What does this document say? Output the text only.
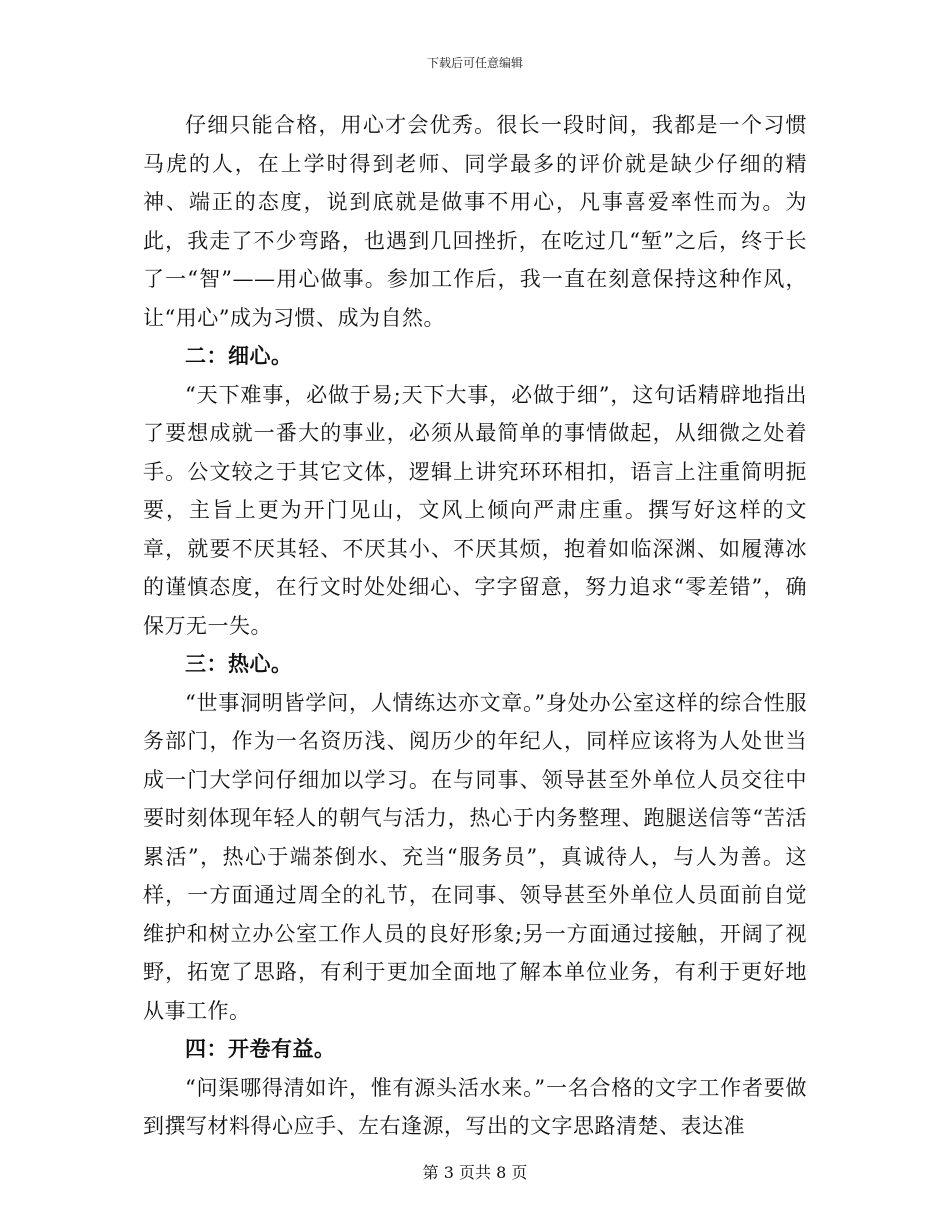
下载后可任意编辑

仔细只能合格，用心才会优秀。很长一段时间，我都是一个习惯马虎的人，在上学时得到老师、同学最多的评价就是缺少仔细的精神、端正的态度，说到底就是做事不用心，凡事喜爱率性而为。为此，我走了不少弯路，也遇到几回挫折，在吃过几“堑”之后，终于长了一“智”——用心做事。参加工作后，我一直在刻意保持这种作风，让“用心”成为习惯、成为自然。

二：细心。

“天下难事，必做于易;天下大事，必做于细”，这句话精辟地指出了要想成就一番大的事业，必须从最简单的事情做起，从细微之处着手。公文较之于其它文体，逻辑上讲究环环相扣，语言上注重简明扼要，主旨上更为开门见山，文风上倾向严肃庄重。撰写好这样的文章，就要不厌其轻、不厌其小、不厌其烦，抱着如临深渊、如履薄冰的谨慎态度，在行文时处处细心、字字留意，努力追求“零差错”，确保万无一失。

三：热心。

“世事洞明皆学问，人情练达亦文章。”身处办公室这样的综合性服务部门，作为一名资历浅、阅历少的年纪人，同样应该将为人处世当成一门大学问仔细加以学习。在与同事、领导甚至外单位人员交往中要时刻体现年轻人的朝气与活力，热心于内务整理、跑腿送信等“苦活累活”，热心于端茶倒水、充当“服务员”，真诚待人，与人为善。这样，一方面通过周全的礼节，在同事、领导甚至外单位人员面前自觉维护和树立办公室工作人员的良好形象;另一方面通过接触，开阔了视野，拓宽了思路，有利于更加全面地了解本单位业务，有利于更好地从事工作。

四：开卷有益。

“问渠哪得清如许，惟有源头活水来。”一名合格的文字工作者要做到撰写材料得心应手、左右逢源，写出的文字思路清楚、表达准

第 3 页共 8 页
